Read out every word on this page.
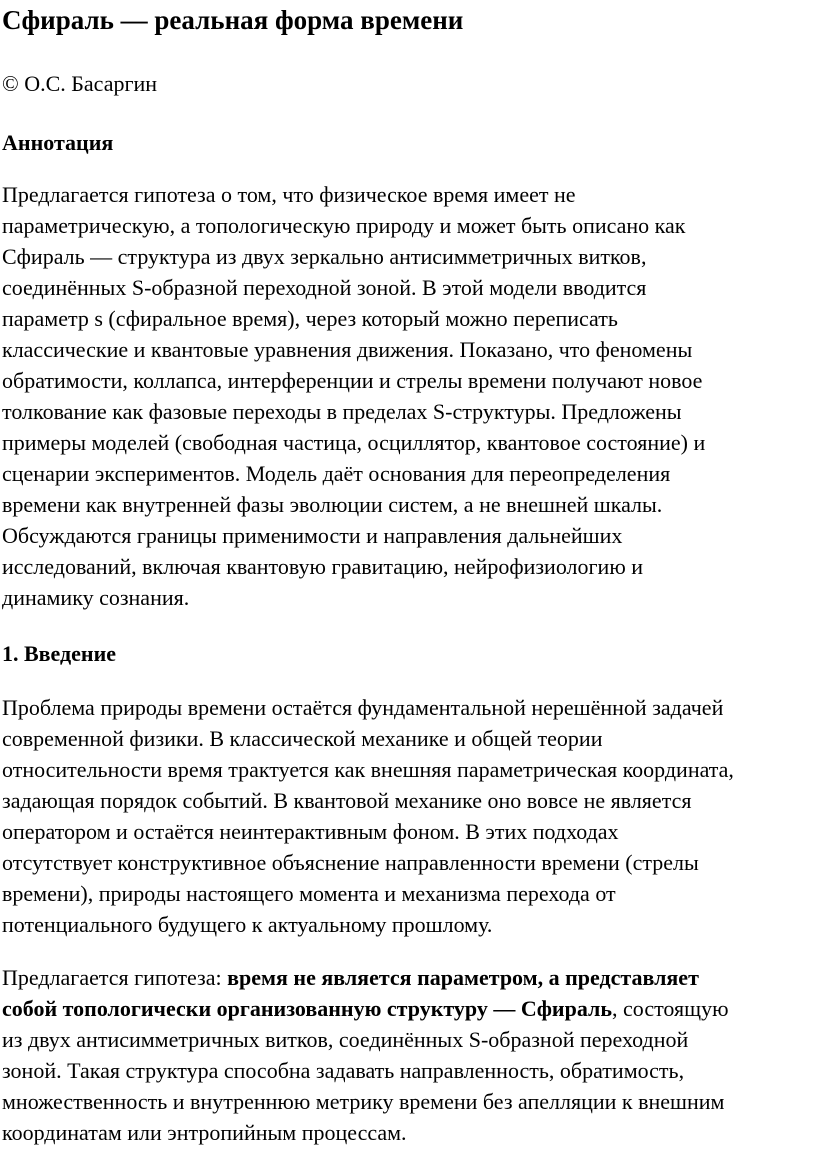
Сфираль — реальная форма времени
© О.С. Басаргин
Аннотация
Предлагается гипотеза о том, что физическое время имеет не
параметрическую, а топологическую природу и может быть описано как
Сфираль — структура из двух зеркально антисимметричных витков,
соединённых S-образной переходной зоной. В этой модели вводится
параметр s (сфиральное время), через который можно переписать
классические и квантовые уравнения движения. Показано, что феномены
обратимости, коллапса, интерференции и стрелы времени получают новое
толкование как фазовые переходы в пределах S-структуры. Предложены
примеры моделей (свободная частица, осциллятор, квантовое состояние) и
сценарии экспериментов. Модель даёт основания для переопределения
времени как внутренней фазы эволюции систем, а не внешней шкалы.
Обсуждаются границы применимости и направления дальнейших
исследований, включая квантовую гравитацию, нейрофизиологию и
динамику сознания.
1. Введение
Проблема природы времени остаётся фундаментальной нерешённой задачей
современной физики. В классической механике и общей теории
относительности время трактуется как внешняя параметрическая координата,
задающая порядок событий. В квантовой механике оно вовсе не является
оператором и остаётся неинтерактивным фоном. В этих подходах
отсутствует конструктивное объяснение направленности времени (стрелы
времени), природы настоящего момента и механизма перехода от
потенциального будущего к актуальному прошлому.
Предлагается гипотеза: время не является параметром, а представляет
собой топологически организованную структуру — Сфираль, состоящую
из двух антисимметричных витков, соединённых S-образной переходной
зоной. Такая структура способна задавать направленность, обратимость,
множественность и внутреннюю метрику времени без апелляции к внешним
координатам или энтропийным процессам.
